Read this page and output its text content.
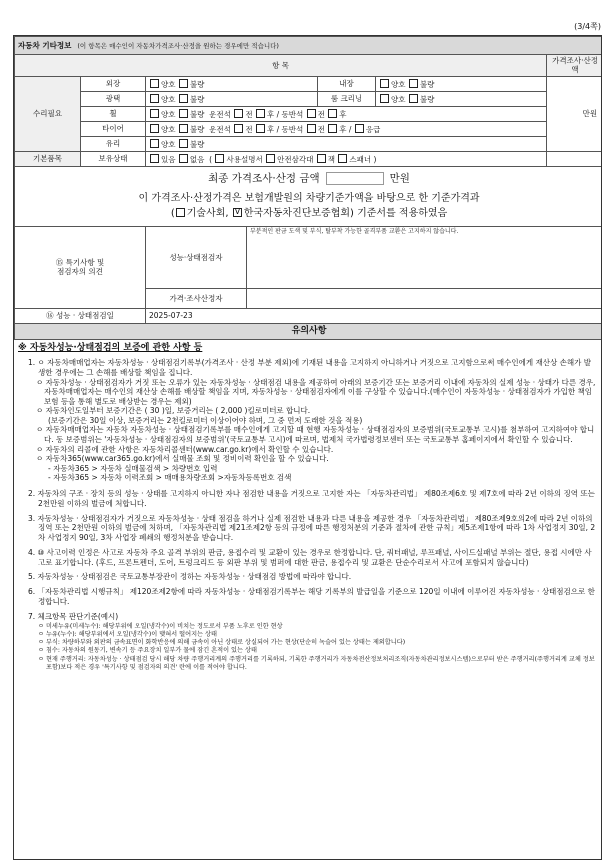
(3/4쪽)
자동차 기타정보 (이 항목은 매수인이 자동차가격조사·산정을 원하는 경우에만 적습니다)						
항 목						가격조사·산정액
수리필요	외장	양호 불량		내장	양호 불량	만원
	광택	양호 불량		룸 크리닝	양호 불량	
	휠	양호 불량 운전석 전 후 / 동반석 전 후				
	타이어	양호 불량 운전석 전 후 / 동반석 전 후 / 응급				
	유리	양호 불량				
기본품목	보유상태	있음 없음  ( 사용설명서 안전삼각대 잭 스패너 )				

최종 가격조사·산정 금액 만원
이 가격조사·산정가격은 보험개발원의 차량기준가액을 바탕으로 한 기준가격과
( 기술사회, V 한국자동차진단보증협회) 기준서를 적용하였음

⑮ 특기사항 및
점검자의 의견		성능·상태점검자	부분적인 판금 도색 및 부식, 탈부착 가능한 골격부품 교환은 고지하지 않습니다.			
		가격·조사산정자				
⑯ 성능 · 상태점검일		2025-07-23				
유의사항						
※ 자동차성능·상태점검의 보증에 관한 사항 등
1. ㅇ 자동차매매업자는 자동차성능 · 상태점검기록부(가격조사 · 산정 부분 제외)에 기재된 내용을 고지하지 아니하거나 거짓으로 고지함으로써 매수인에게 재산상 손해가 발생한 경우에는 그 손해를 배상할 책임을 집니다.
ㅇ 자동차성능 · 상태점검자가 거짓 또는 오류가 있는 자동차성능 · 상태점검 내용을 제공하여 아래의 보증기간 또는 보증거리 이내에 자동차의 실제 성능 · 상태가 다른 경우, 자동차매매업자는 매수인의 재산상 손해를 배상할 책임을 지며, 자동차성능 · 상태점검자에게 이를 구상할 수 있습니다.(매수인이 자동차성능 · 상태점검자가 가입한 책임보험 등을 통해 별도로 배상받는 경우는 제외)
ㅇ 자동차인도일부터 보증기간은 ( 30 )일, 보증거리는 ( 2,000 )킬로미터로 합니다.
(보증기간은 30일 이상, 보증거리는 2천킬로미터 이상이어야 하며, 그 중 먼저 도래한 것을 적용)
ㅇ 자동차매매업자는 자동차 자동차성능 · 상태점검기록부를 매수인에게 고지할 때 현행 자동차성능 · 상태점검자의 보증범위(국토교통부 고시)를 첨부하여 고지하여야 합니다. 동 보증범위는 '자동차성능 · 상태점검자의 보증범위'(국토교통부 고시)에 따르며, 법제처 국가법령정보센터 또는 국토교통부 홈페이지에서 확인할 수 있습니다.
ㅇ 자동차의 리콜에 관한 사항은 자동차리콜센터(www.car.go.kr)에서 확인할 수 있습니다.
ㅇ 자동차365(www.car365.go.kr)에서 실매물 조회 및 정비이력 확인을 할 수 있습니다.
- 자동차365 > 자동차 실매물검색 > 차량번호 입력
- 자동차365 > 자동차 이력조회 > 매매용차량조회 >자동차등록번호 검색
2. 자동차의 구조 · 장치 등의 성능 · 상태를 고지하지 아니한 자나 점검한 내용을 거짓으로 고지한 자는 「자동차관리법」 제80조제6호 및 제7호에 따라 2년 이하의 징역 또는 2천만원 이하의 벌금에 처합니다.
3. 자동차성능 · 상태점검자가 거짓으로 자동차성능 · 상태 점검을 하거나 실제 점검한 내용과 다른 내용을 제공한 경우 「자동차관리법」 제80조제9호의2에 따라 2년 이하의 징역 또는 2천만원 이하의 벌금에 처하며, 「자동차관리법 제21조제2항 등의 규정에 따른 행정처분의 기준과 절차에 관한 규칙」제5조제1항에 따라 1차 사업정지 30일, 2차 사업정지 90일, 3차 사업장 폐쇄의 행정처분을 받습니다.
4. ⑩ 사고이력 인정은 사고로 자동차 주요 골격 부위의 판금, 용접수리 및 교환이 있는 경우로 한정합니다. 단, 쿼터패널, 루프패널, 사이드실패널 부위는 절단, 용접 시에만 사고로 표기합니다. (후드, 프론트펜더, 도어, 트렁크리드 등 외판 부위 및 범퍼에 대한 판금, 용접수리 및 교환은 단순수리로서 사고에 포함되지 않습니다)
5. 자동차성능 · 상태점검은 국토교통부장관이 정하는 자동차성능 · 상태점검 방법에 따라야 합니다.
6. 「자동차관리법 시행규칙」 제120조제2항에 따라 자동차성능 · 상태점검기록부는 해당 기록부의 발급일을 기준으로 120일 이내에 이루어진 자동차성능 · 상태점검으로 한정합니다.
7. 체크항목 판단기준(예시)
ㅇ 미세누유(미세누수): 해당부위에 오일(냉각수)이 비치는 정도로서 부품 노후로 인한 현상
ㅇ 누유(누수): 해당부위에서 오일(냉각수)이 맺혀서 떨어지는 상태
ㅇ 부식: 차량하부와 외판의 금속표면이 화학반응에 의해 금속이 아닌 상태로 상실되어 가는 현상(단순히 녹슬어 있는 상태는 제외합니다)
ㅇ 침수: 자동차의 원동기, 변속기 등 주요장치 일부가 물에 잠긴 흔적이 있는 상태
ㅇ 현재 주행거리: 자동차성능 · 상태점검 당시 해당 차량 주행거리계의 주행거리를 기록하되, 기록한 주행거리가 자동차전산정보처리조직(자동차관리정보시스템)으로부터 받은 주행거리(주행거리계 교체 정보 포함)보다 적은 경우 '특기사항 및 점검자의 의견' 란에 이를 적어야 합니다.
